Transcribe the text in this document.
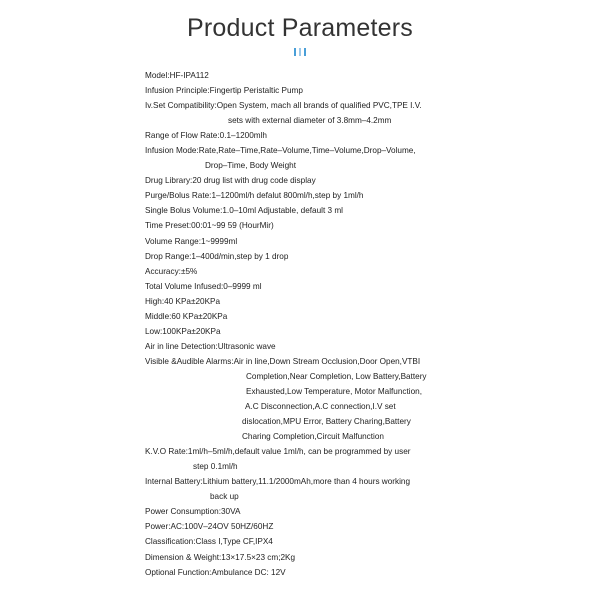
Product Parameters
Model:HF-IPA112
Infusion Principle:Fingertip Peristaltic Pump
Iv.Set Compatibility:Open System, mach all brands of qualified PVC,TPE I.V.
sets with external diameter of 3.8mm–4.2mm
Range of Flow Rate:0.1–1200mlh
Infusion Mode:Rate,Rate–Time,Rate–Volume,Time–Volume,Drop–Volume,
Drop–Time, Body Weight
Drug Library:20 drug list with drug code display
Purge/Bolus Rate:1–1200ml/h defalut 800ml/h,step by 1ml/h
Single Bolus Volume:1.0–10ml Adjustable, default 3 ml
Time Preset:00:01~99 59 (HourMir)
Volume Range:1~9999ml
Drop Range:1–400d/min,step by 1 drop
Accuracy:±5%
Total Volume Infused:0–9999 ml
High:40 KPa±20KPa
Middle:60 KPa±20KPa
Low:100KPa±20KPa
Air in line Detection:Ultrasonic wave
Visible &Audible Alarms:Air in line,Down Stream Occlusion,Door Open,VTBI
Completion,Near Completion, Low Battery,Battery
Exhausted,Low Temperature, Motor Malfunction,
A.C Disconnection,A.C connection,I.V set
dislocation,MPU Error, Battery Charing,Battery
Charing Completion,Circuit Malfunction
K.V.O Rate:1ml/h–5ml/h,default value 1ml/h, can be programmed by user
step 0.1ml/h
Internal Battery:Lithium battery,11.1/2000mAh,more than 4 hours working
back up
Power Consumption:30VA
Power:AC:100V–24OV 50HZ/60HZ
Classification:Class I,Type CF,IPX4
Dimension & Weight:13×17.5×23 cm;2Kg
Optional Function:Ambulance DC: 12V
